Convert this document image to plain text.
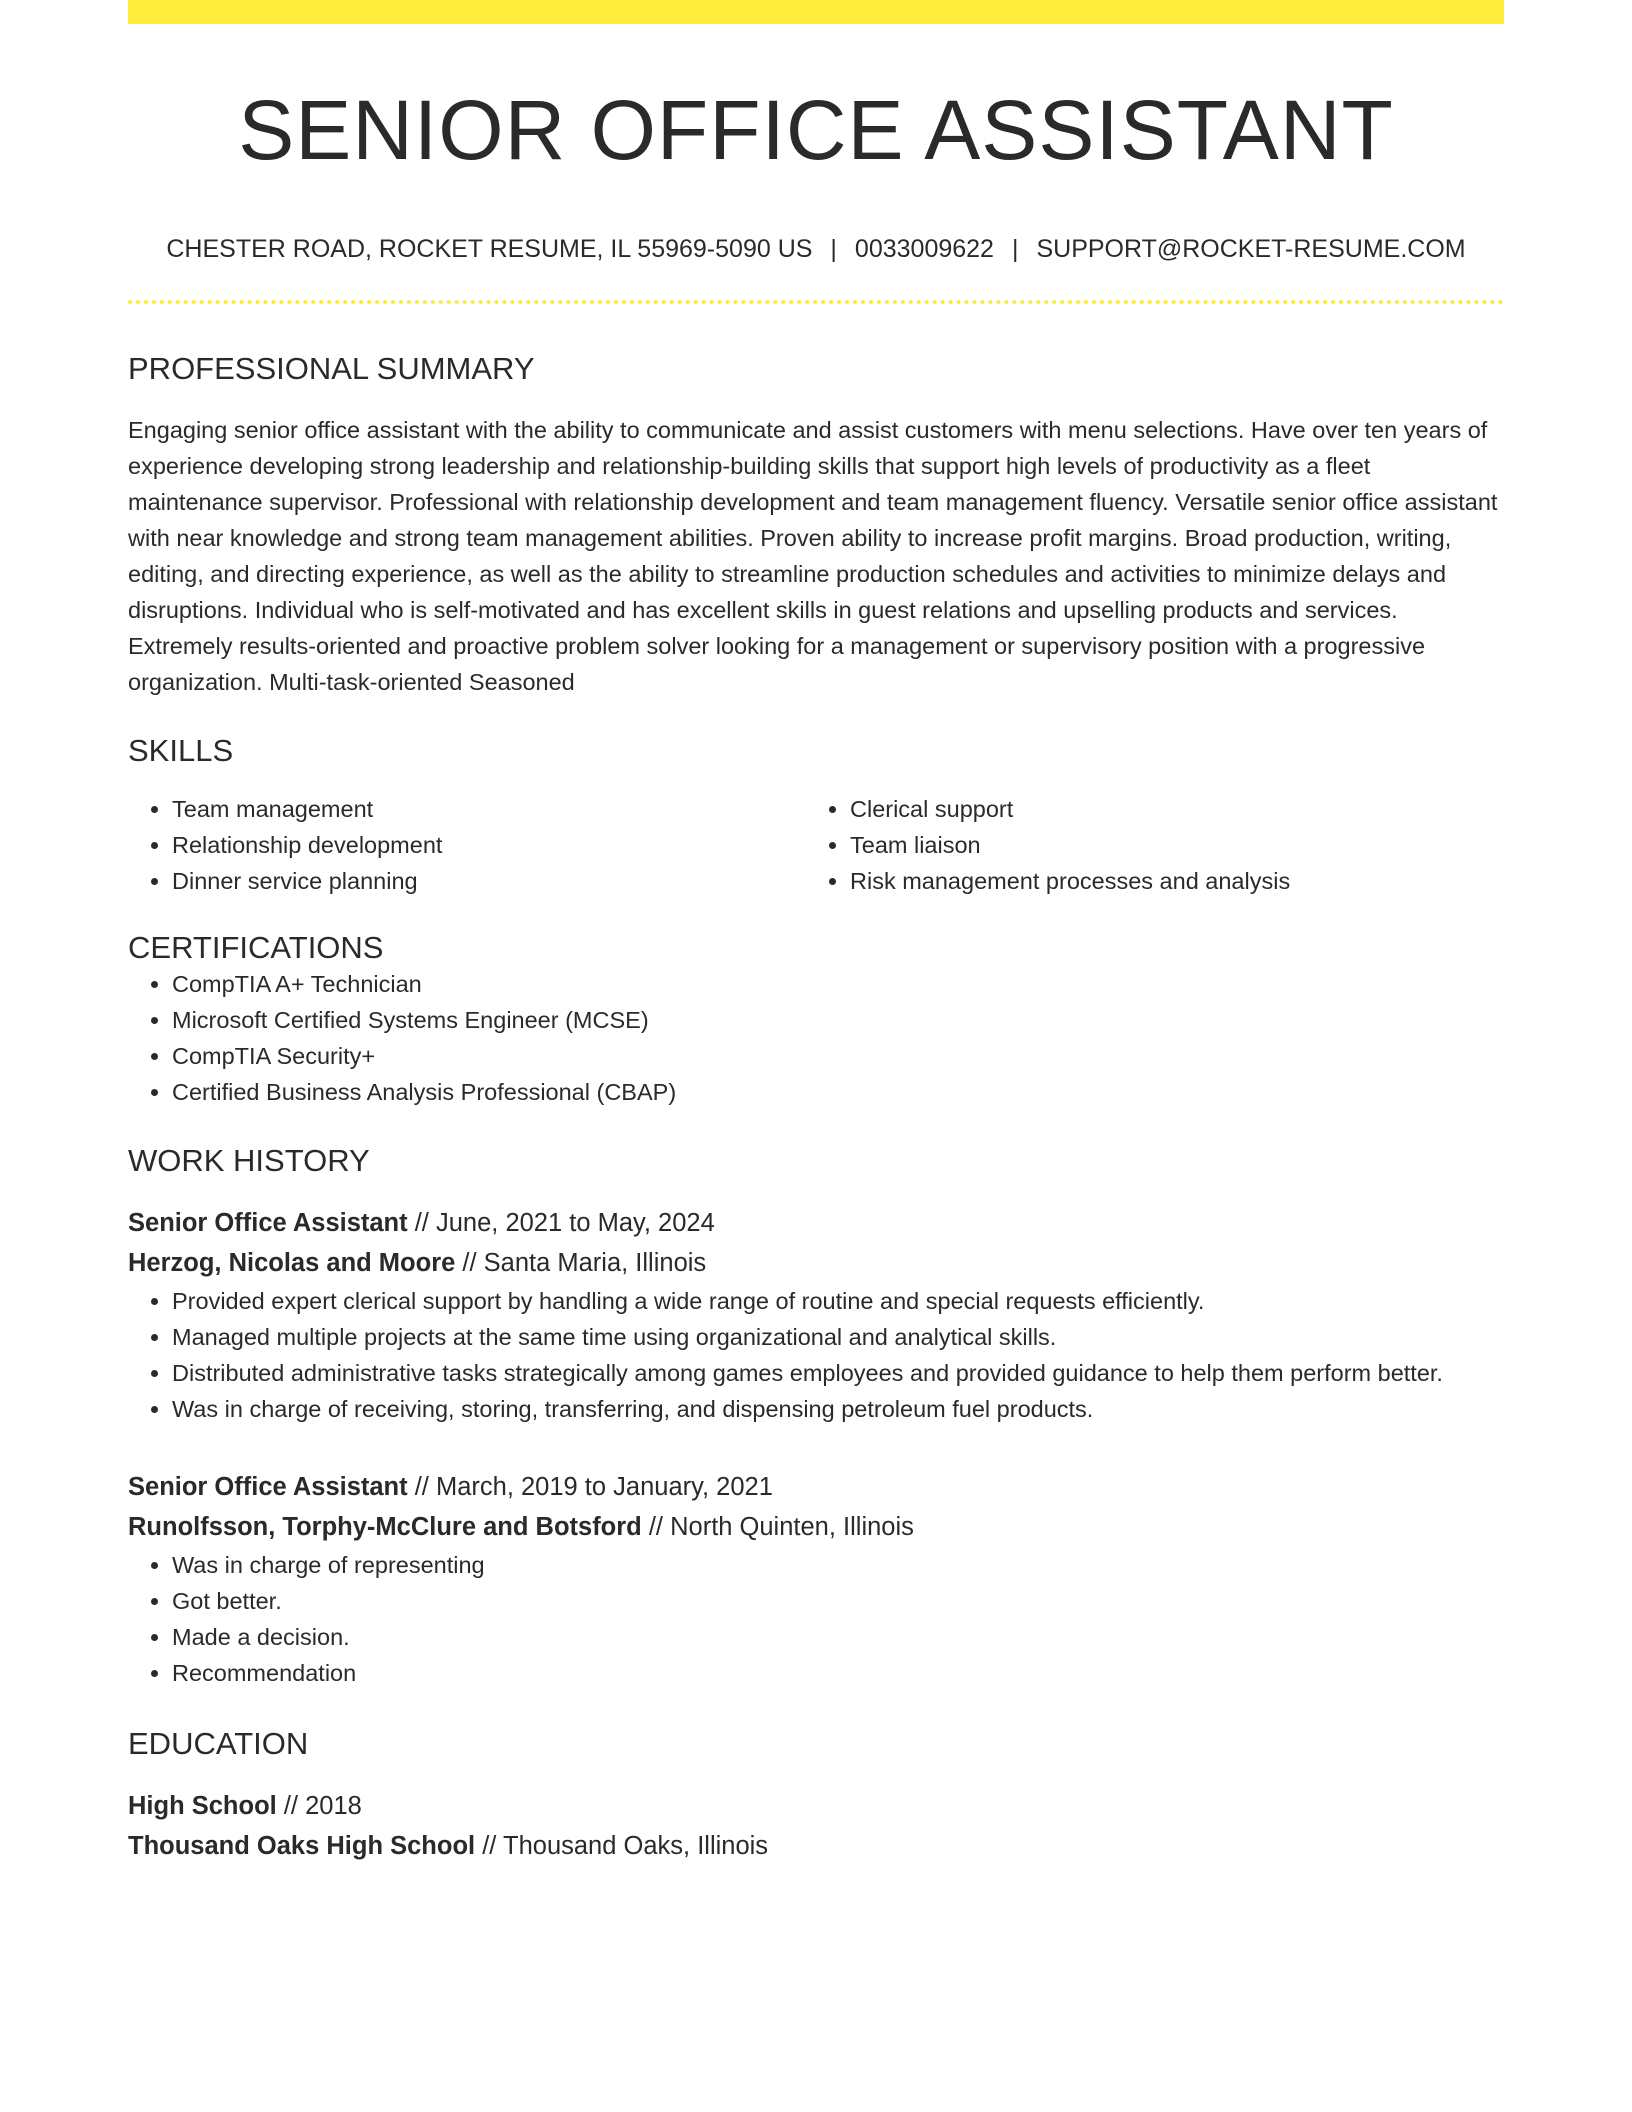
SENIOR OFFICE ASSISTANT
CHESTER ROAD, ROCKET RESUME, IL 55969-5090 US | 0033009622 | SUPPORT@ROCKET-RESUME.COM
PROFESSIONAL SUMMARY
Engaging senior office assistant with the ability to communicate and assist customers with menu selections. Have over ten years of experience developing strong leadership and relationship-building skills that support high levels of productivity as a fleet maintenance supervisor. Professional with relationship development and team management fluency. Versatile senior office assistant with near knowledge and strong team management abilities. Proven ability to increase profit margins. Broad production, writing, editing, and directing experience, as well as the ability to streamline production schedules and activities to minimize delays and disruptions. Individual who is self-motivated and has excellent skills in guest relations and upselling products and services. Extremely results-oriented and proactive problem solver looking for a management or supervisory position with a progressive organization. Multi-task-oriented Seasoned
SKILLS
• Team management
• Relationship development
• Dinner service planning
• Clerical support
• Team liaison
• Risk management processes and analysis
CERTIFICATIONS
• CompTIA A+ Technician
• Microsoft Certified Systems Engineer (MCSE)
• CompTIA Security+
• Certified Business Analysis Professional (CBAP)
WORK HISTORY
Senior Office Assistant // June, 2021 to May, 2024
Herzog, Nicolas and Moore // Santa Maria, Illinois
• Provided expert clerical support by handling a wide range of routine and special requests efficiently.
• Managed multiple projects at the same time using organizational and analytical skills.
• Distributed administrative tasks strategically among games employees and provided guidance to help them perform better.
• Was in charge of receiving, storing, transferring, and dispensing petroleum fuel products.
Senior Office Assistant // March, 2019 to January, 2021
Runolfsson, Torphy-McClure and Botsford // North Quinten, Illinois
• Was in charge of representing
• Got better.
• Made a decision.
• Recommendation
EDUCATION
High School // 2018
Thousand Oaks High School // Thousand Oaks, Illinois
